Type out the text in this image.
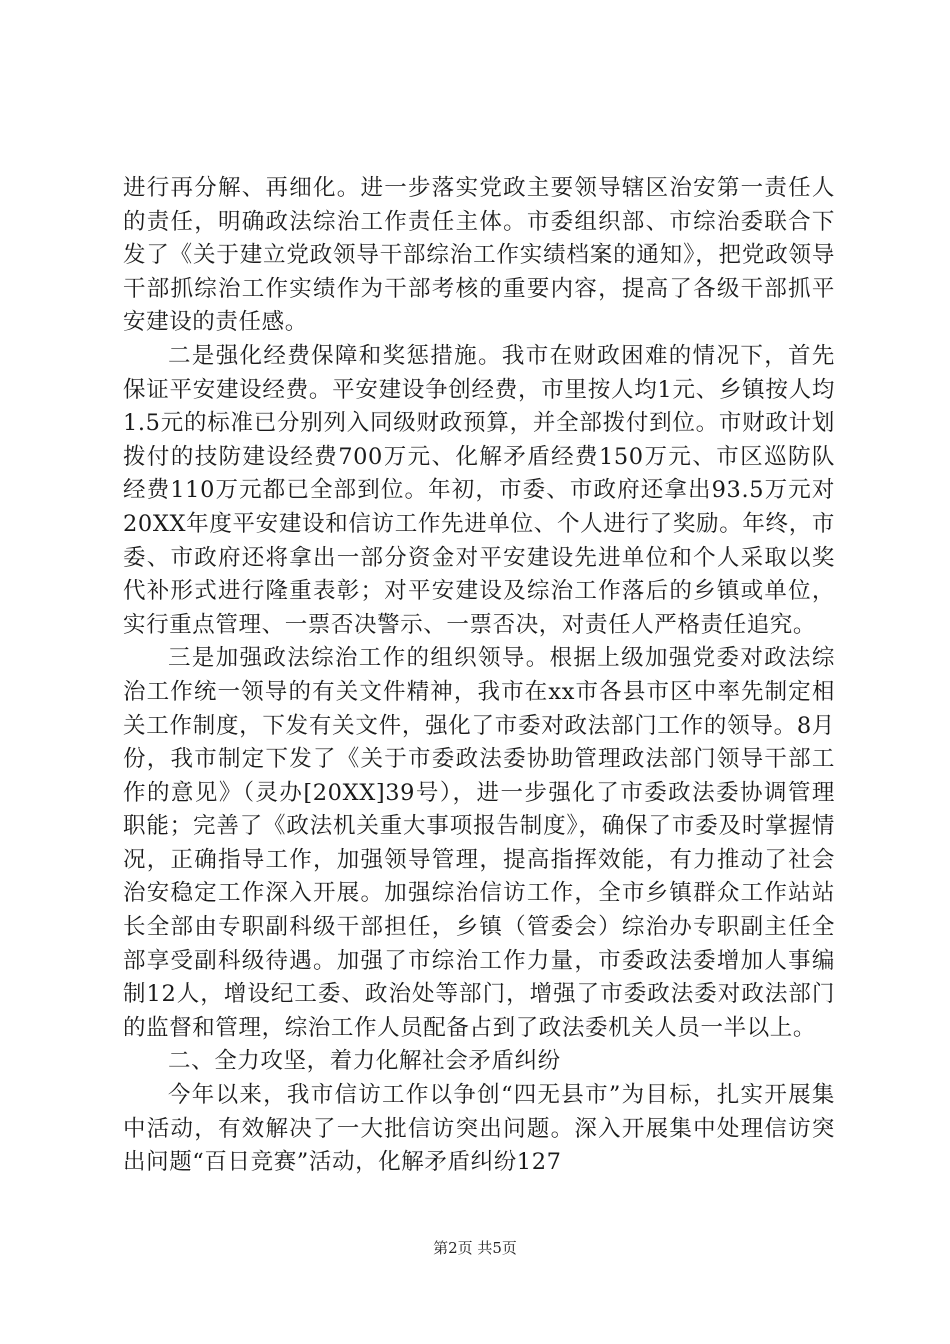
进行再分解、再细化。进一步落实党政主要领导辖区治安第一责任人的责任，明确政法综治工作责任主体。市委组织部、市综治委联合下发了《关于建立党政领导干部综治工作实绩档案的通知》，把党政领导干部抓综治工作实绩作为干部考核的重要内容，提高了各级干部抓平安建设的责任感。

二是强化经费保障和奖惩措施。我市在财政困难的情况下，首先保证平安建设经费。平安建设争创经费，市里按人均1元、乡镇按人均1.5元的标准已分别列入同级财政预算，并全部拨付到位。市财政计划拨付的技防建设经费700万元、化解矛盾经费150万元、市区巡防队经费110万元都已全部到位。年初，市委、市政府还拿出93.5万元对20XX年度平安建设和信访工作先进单位、个人进行了奖励。年终，市委、市政府还将拿出一部分资金对平安建设先进单位和个人采取以奖代补形式进行隆重表彰；对平安建设及综治工作落后的乡镇或单位，实行重点管理、一票否决警示、一票否决，对责任人严格责任追究。

三是加强政法综治工作的组织领导。根据上级加强党委对政法综治工作统一领导的有关文件精神，我市在xx市各县市区中率先制定相关工作制度，下发有关文件，强化了市委对政法部门工作的领导。8月份，我市制定下发了《关于市委政法委协助管理政法部门领导干部工作的意见》（灵办[20XX]39号），进一步强化了市委政法委协调管理职能；完善了《政法机关重大事项报告制度》，确保了市委及时掌握情况，正确指导工作，加强领导管理，提高指挥效能，有力推动了社会治安稳定工作深入开展。加强综治信访工作，全市乡镇群众工作站站长全部由专职副科级干部担任，乡镇（管委会）综治办专职副主任全部享受副科级待遇。加强了市综治工作力量，市委政法委增加人事编制12人，增设纪工委、政治处等部门，增强了市委政法委对政法部门的监督和管理，综治工作人员配备占到了政法委机关人员一半以上。

二、全力攻坚，着力化解社会矛盾纠纷

今年以来，我市信访工作以争创“四无县市”为目标，扎实开展集中活动，有效解决了一大批信访突出问题。深入开展集中处理信访突出问题“百日竞赛”活动，化解矛盾纠纷127

第2页 共5页
